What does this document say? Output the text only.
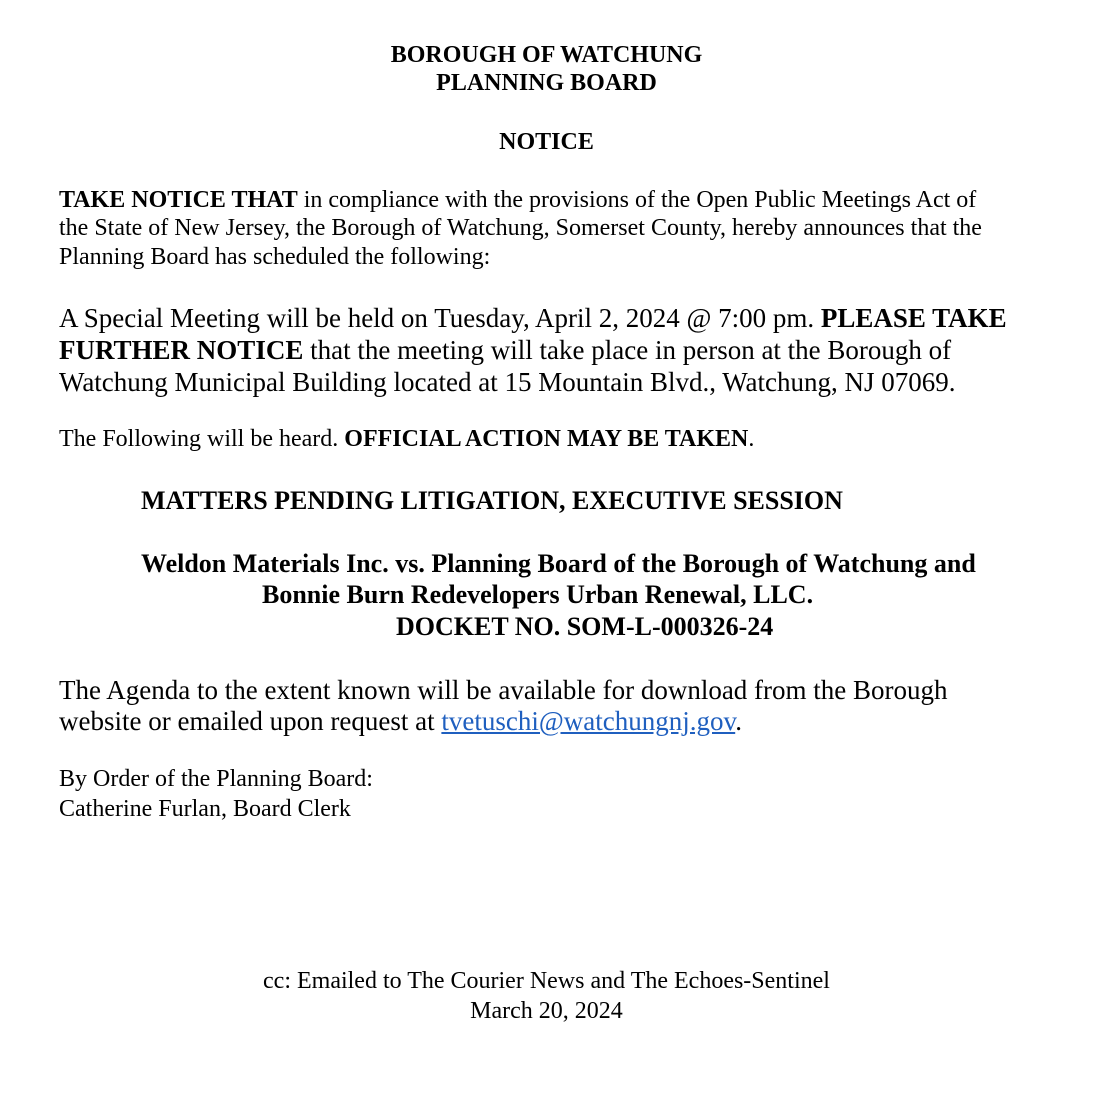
BOROUGH OF WATCHUNG

PLANNING BOARD

NOTICE

TAKE NOTICE THAT in compliance with the provisions of the Open Public Meetings Act of

the State of New Jersey, the Borough of Watchung, Somerset County, hereby announces that the

Planning Board has scheduled the following:

A Special Meeting will be held on Tuesday, April 2, 2024 @ 7:00 pm. PLEASE TAKE

FURTHER NOTICE that the meeting will take place in person at the Borough of

Watchung Municipal Building located at 15 Mountain Blvd., Watchung, NJ 07069.

The Following will be heard. OFFICIAL ACTION MAY BE TAKEN.

MATTERS PENDING LITIGATION, EXECUTIVE SESSION

Weldon Materials Inc. vs. Planning Board of the Borough of Watchung and

Bonnie Burn Redevelopers Urban Renewal, LLC.

DOCKET NO. SOM-L-000326-24

The Agenda to the extent known will be available for download from the Borough

website or emailed upon request at tvetuschi@watchungnj.gov.

By Order of the Planning Board:

Catherine Furlan, Board Clerk

cc: Emailed to The Courier News and The Echoes-Sentinel

March 20, 2024
